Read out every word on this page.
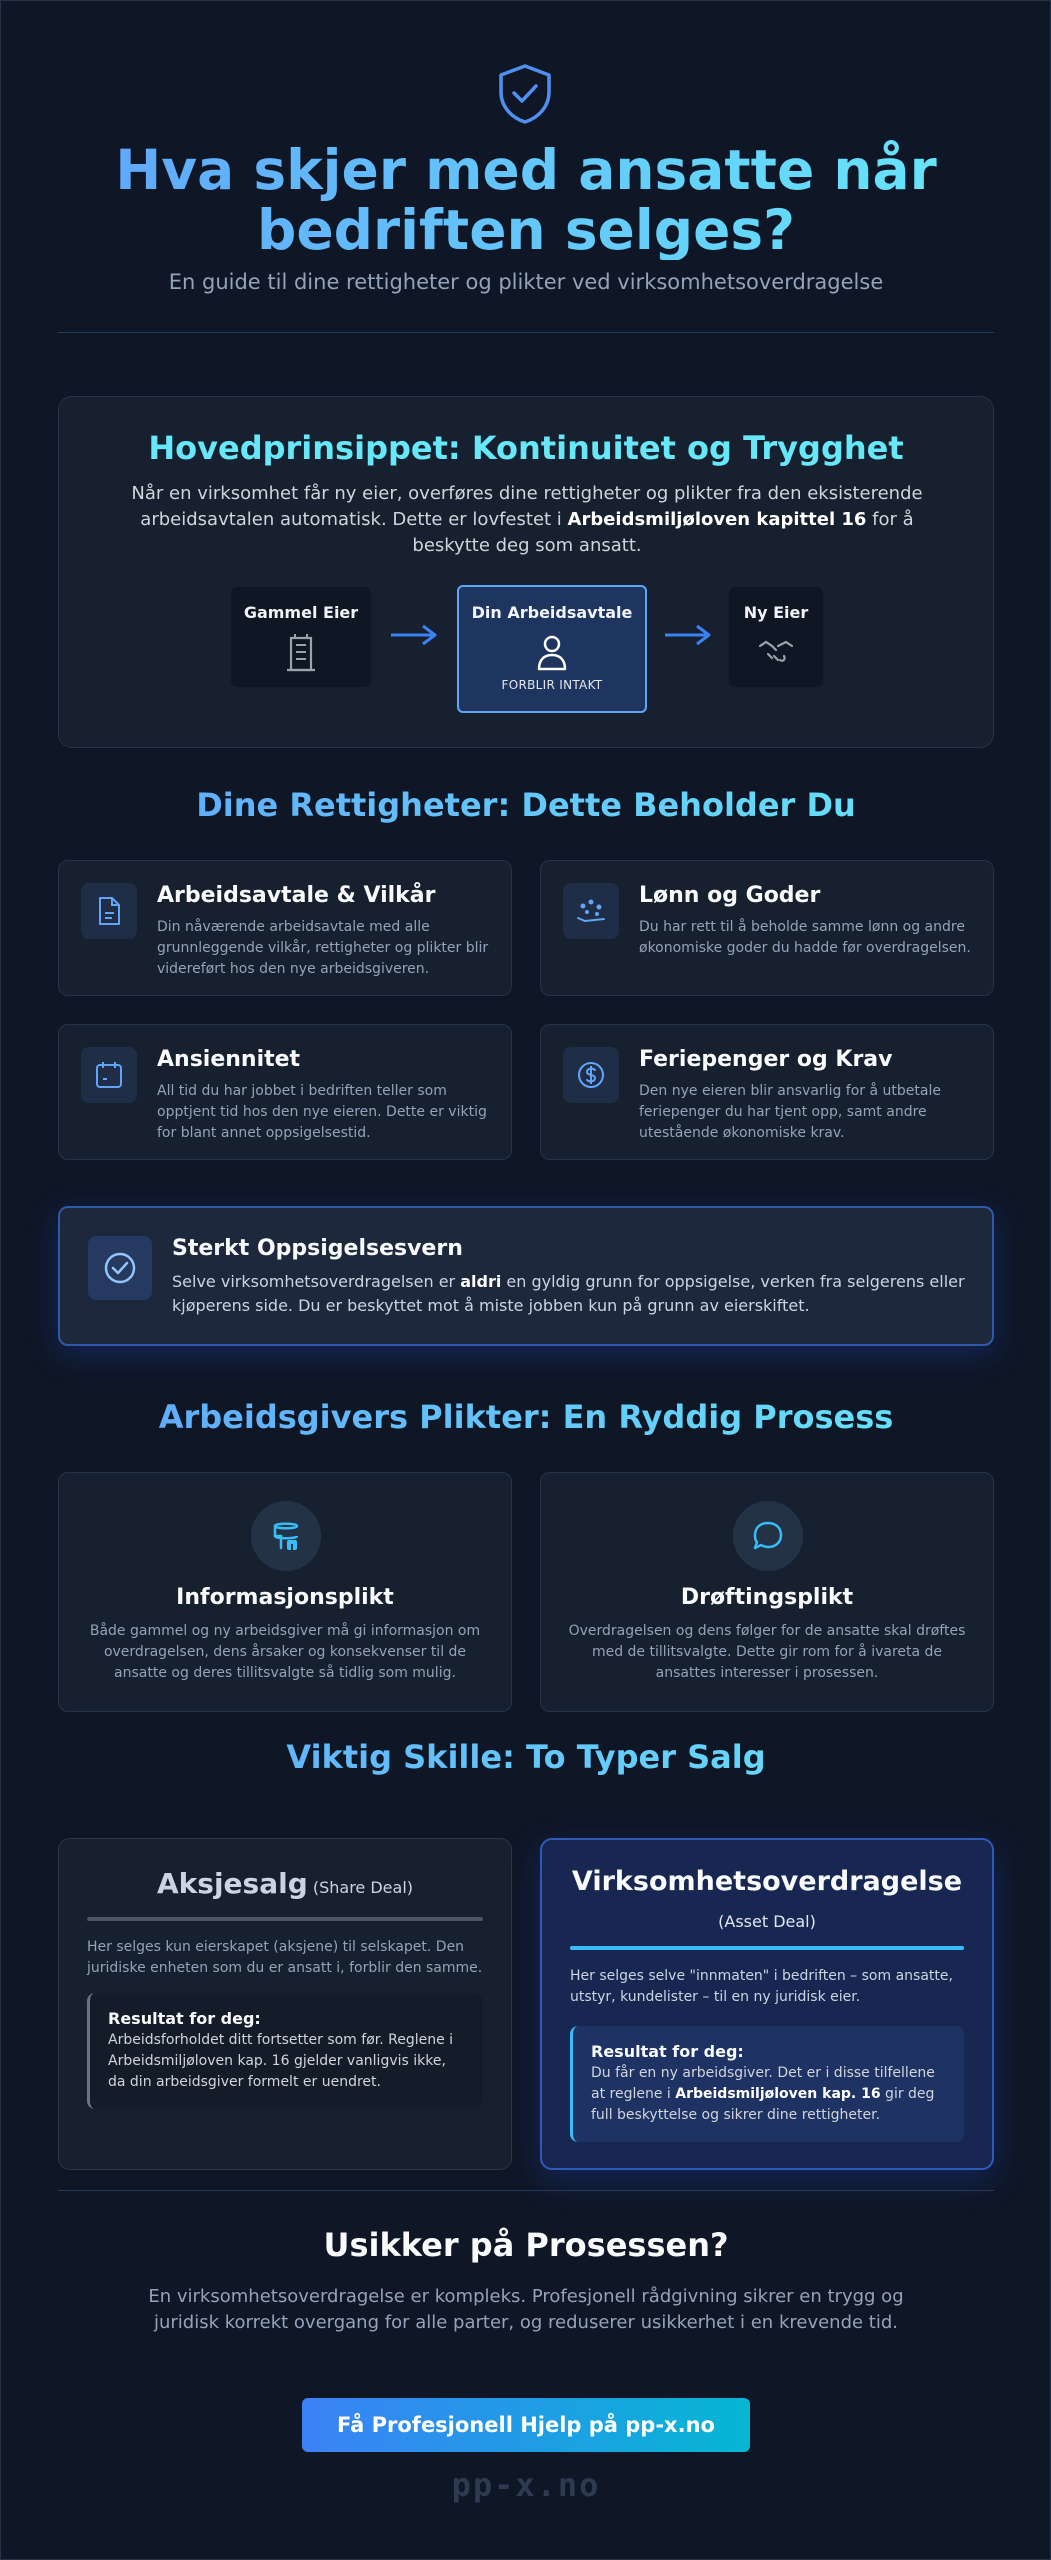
Hva skjer med ansatte når bedriften selges?
En guide til dine rettigheter og plikter ved virksomhetsoverdragelse
Hovedprinsippet: Kontinuitet og Trygghet

Når en virksomhet får ny eier, overføres dine rettigheter og plikter fra den eksisterende arbeidsavtalen automatisk. Dette er lovfestet i Arbeidsmiljøloven kapittel 16 for å beskytte deg som ansatt.

Gammel Eier	Din Arbeidsavtale
FORBLIR INTAKT
Ny Eier
Dine Rettigheter: Dette Beholder Du
Arbeidsavtale & Vilkår
Din nåværende arbeidsavtale med alle grunnleggende vilkår, rettigheter og plikter blir videreført hos den nye arbeidsgiveren.
Lønn og Goder
Du har rett til å beholde samme lønn og andre økonomiske goder du hadde før overdragelsen.
Ansiennitet
All tid du har jobbet i bedriften teller som opptjent tid hos den nye eieren. Dette er viktig for blant annet oppsigelsestid.
Feriepenger og Krav
Den nye eieren blir ansvarlig for å utbetale feriepenger du har tjent opp, samt andre utestående økonomiske krav.
Sterkt Oppsigelsesvern
Selve virksomhetsoverdragelsen er aldri en gyldig grunn for oppsigelse, verken fra selgerens eller kjøperens side. Du er beskyttet mot å miste jobben kun på grunn av eierskiftet.
Arbeidsgivers Plikter: En Ryddig Prosess
Informasjonsplikt
Både gammel og ny arbeidsgiver må gi informasjon om overdragelsen, dens årsaker og konsekvenser til de ansatte og deres tillitsvalgte så tidlig som mulig.
Drøftingsplikt
Overdragelsen og dens følger for de ansatte skal drøftes med de tillitsvalgte. Dette gir rom for å ivareta de ansattes interesser i prosessen.
Viktig Skille: To Typer Salg
Aksjesalg (Share Deal)
Her selges kun eierskapet (aksjene) til selskapet. Den juridiske enheten som du er ansatt i, forblir den samme.
Resultat for deg:
Arbeidsforholdet ditt fortsetter som før. Reglene i Arbeidsmiljøloven kap. 16 gjelder vanligvis ikke, da din arbeidsgiver formelt er uendret.
Virksomhetsoverdragelse
(Asset Deal)
Her selges selve "innmaten" i bedriften – som ansatte, utstyr, kundelister – til en ny juridisk eier.
Resultat for deg:
Du får en ny arbeidsgiver. Det er i disse tilfellene at reglene i Arbeidsmiljøloven kap. 16 gir deg full beskyttelse og sikrer dine rettigheter.
Usikker på Prosessen?
En virksomhetsoverdragelse er kompleks. Profesjonell rådgivning sikrer en trygg og juridisk korrekt overgang for alle parter, og reduserer usikkerhet i en krevende tid.
Få Profesjonell Hjelp på pp-x.no
pp-x.no
